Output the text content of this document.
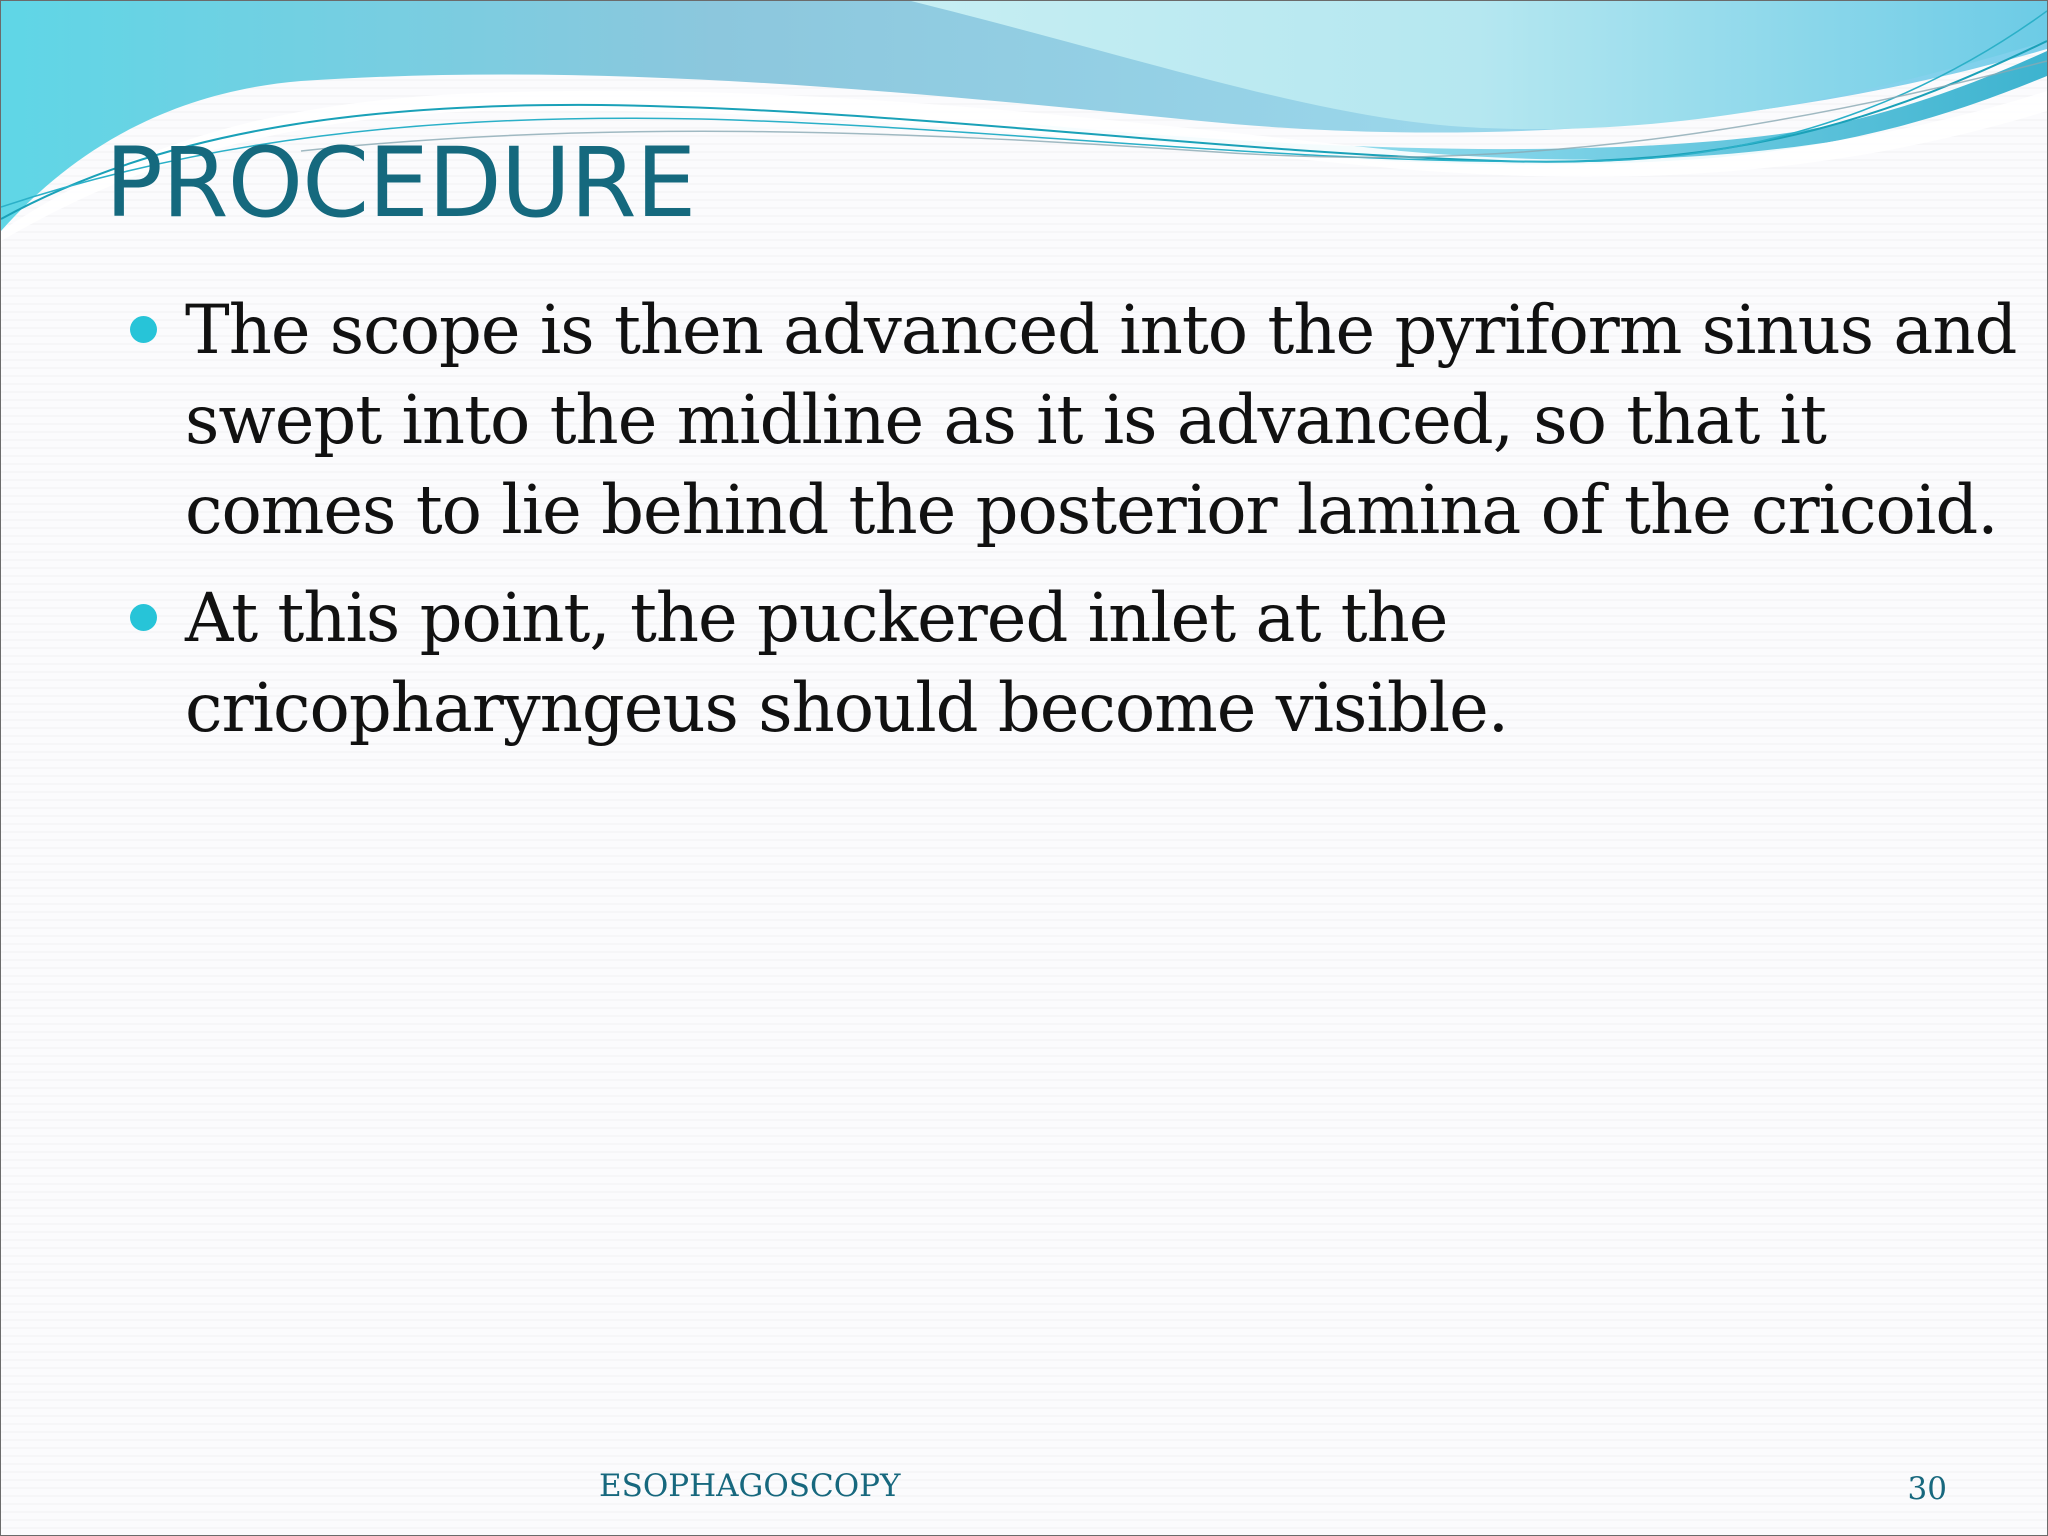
PROCEDURE
The scope is then advanced into the pyriform sinus and swept into the midline as it is advanced, so that it comes to lie behind the posterior lamina of the cricoid.
At this point, the puckered inlet at the cricopharyngeus should become visible.
ESOPHAGOSCOPY	30
